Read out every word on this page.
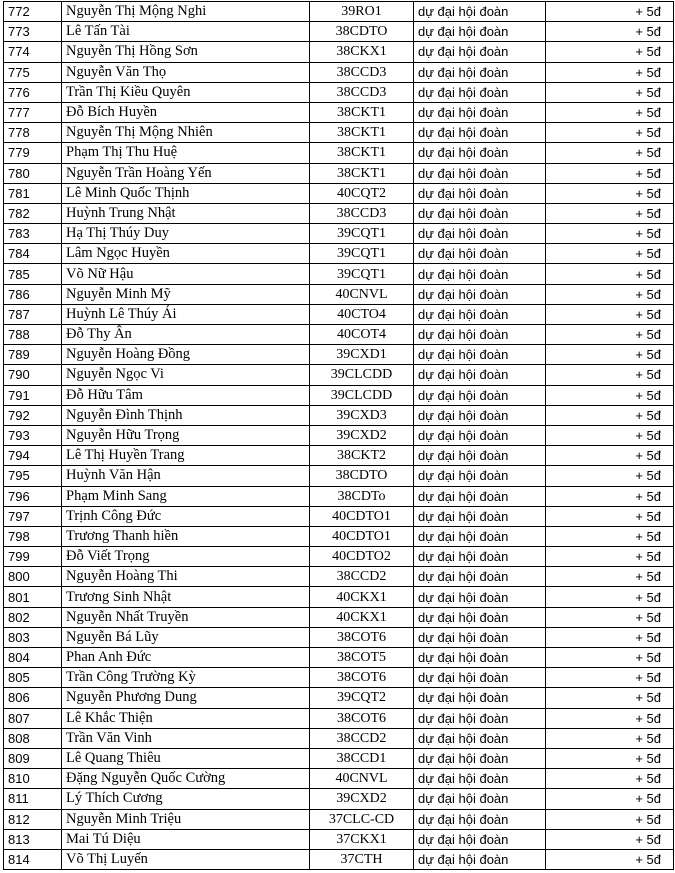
772	Nguyễn Thị Mộng Nghi	39RO1	dự đại hội đoàn	+ 5đ
773	Lê Tấn Tài	38CDTO	dự đại hội đoàn	+ 5đ
774	Nguyễn Thị Hồng Sơn	38CKX1	dự đại hội đoàn	+ 5đ
775	Nguyễn Văn Thọ	38CCD3	dự đại hội đoàn	+ 5đ
776	Trần Thị Kiều Quyên	38CCD3	dự đại hội đoàn	+ 5đ
777	Đỗ Bích Huyền	38CKT1	dự đại hội đoàn	+ 5đ
778	Nguyễn Thị Mộng Nhiên	38CKT1	dự đại hội đoàn	+ 5đ
779	Phạm Thị Thu Huệ	38CKT1	dự đại hội đoàn	+ 5đ
780	Nguyễn Trần Hoàng Yến	38CKT1	dự đại hội đoàn	+ 5đ
781	Lê Minh Quốc Thịnh	40CQT2	dự đại hội đoàn	+ 5đ
782	Huỳnh Trung Nhật	38CCD3	dự đại hội đoàn	+ 5đ
783	Hạ Thị Thúy Duy	39CQT1	dự đại hội đoàn	+ 5đ
784	Lâm Ngọc Huyền	39CQT1	dự đại hội đoàn	+ 5đ
785	Võ Nữ Hậu	39CQT1	dự đại hội đoàn	+ 5đ
786	Nguyễn Minh Mỹ	40CNVL	dự đại hội đoàn	+ 5đ
787	Huỳnh Lê Thúy Ái	40CTO4	dự đại hội đoàn	+ 5đ
788	Đỗ Thy Ân	40COT4	dự đại hội đoàn	+ 5đ
789	Nguyễn Hoàng Đồng	39CXD1	dự đại hội đoàn	+ 5đ
790	Nguyễn Ngọc Vi	39CLCDD	dự đại hội đoàn	+ 5đ
791	Đỗ Hữu Tâm	39CLCDD	dự đại hội đoàn	+ 5đ
792	Nguyễn Đình Thịnh	39CXD3	dự đại hội đoàn	+ 5đ
793	Nguyễn Hữu Trọng	39CXD2	dự đại hội đoàn	+ 5đ
794	Lê Thị Huyền Trang	38CKT2	dự đại hội đoàn	+ 5đ
795	Huỳnh Văn Hận	38CDTO	dự đại hội đoàn	+ 5đ
796	Phạm Minh Sang	38CDTo	dự đại hội đoàn	+ 5đ
797	Trịnh Công Đức	40CDTO1	dự đại hội đoàn	+ 5đ
798	Trương Thanh hiền	40CDTO1	dự đại hội đoàn	+ 5đ
799	Đỗ Viết Trọng	40CDTO2	dự đại hội đoàn	+ 5đ
800	Nguyễn Hoàng Thi	38CCD2	dự đại hội đoàn	+ 5đ
801	Trương Sinh Nhật	40CKX1	dự đại hội đoàn	+ 5đ
802	Nguyễn Nhất Truyền	40CKX1	dự đại hội đoàn	+ 5đ
803	Nguyễn Bá Lũy	38COT6	dự đại hội đoàn	+ 5đ
804	Phan Anh Đức	38COT5	dự đại hội đoàn	+ 5đ
805	Trần Công Trường Kỳ	38COT6	dự đại hội đoàn	+ 5đ
806	Nguyễn Phương Dung	39CQT2	dự đại hội đoàn	+ 5đ
807	Lê Khắc Thiện	38COT6	dự đại hội đoàn	+ 5đ
808	Trần Văn Vinh	38CCD2	dự đại hội đoàn	+ 5đ
809	Lê Quang Thiêu	38CCD1	dự đại hội đoàn	+ 5đ
810	Đặng Nguyễn Quốc Cường	40CNVL	dự đại hội đoàn	+ 5đ
811	Lý Thích Cương	39CXD2	dự đại hội đoàn	+ 5đ
812	Nguyễn Minh Triệu	37CLC-CD	dự đại hội đoàn	+ 5đ
813	Mai Tú Diệu	37CKX1	dự đại hội đoàn	+ 5đ
814	Võ Thị Luyến	37CTH	dự đại hội đoàn	+ 5đ
